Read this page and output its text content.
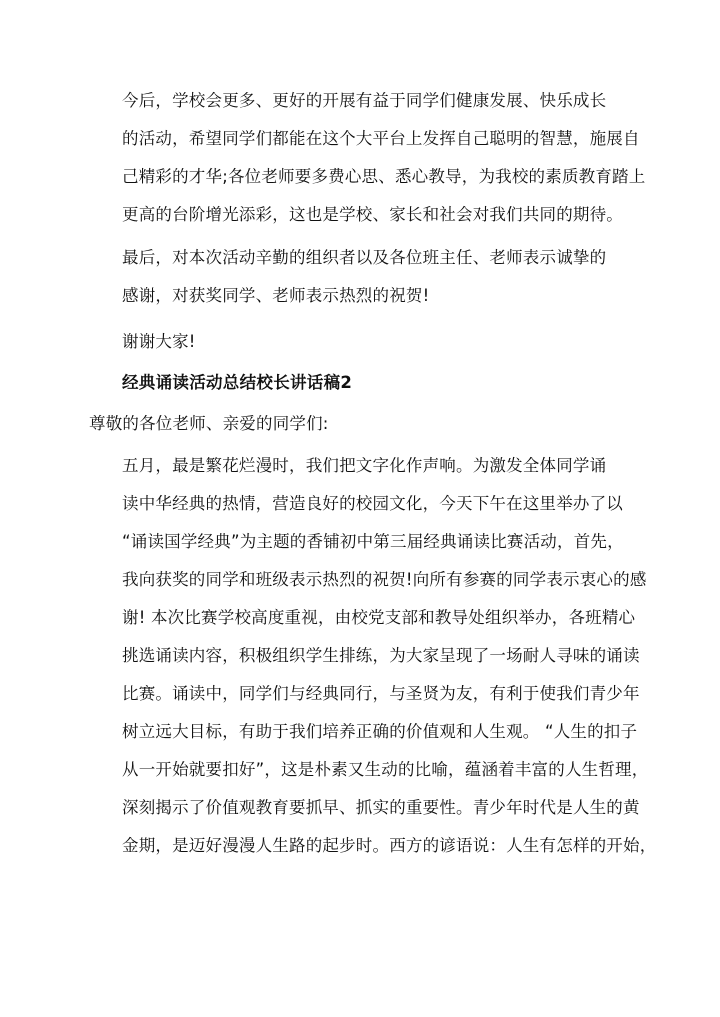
今后，学校会更多、更好的开展有益于同学们健康发展、快乐成长
的活动，希望同学们都能在这个大平台上发挥自己聪明的智慧，施展自
己精彩的才华;各位老师要多费心思、悉心教导，为我校的素质教育踏上
更高的台阶增光添彩，这也是学校、家长和社会对我们共同的期待。
最后，对本次活动辛勤的组织者以及各位班主任、老师表示诚挚的
感谢，对获奖同学、老师表示热烈的祝贺!
谢谢大家!
经典诵读活动总结校长讲话稿2
尊敬的各位老师、亲爱的同学们:
五月，最是繁花烂漫时，我们把文字化作声响。为激发全体同学诵
读中华经典的热情，营造良好的校园文化，今天下午在这里举办了以
“诵读国学经典”为主题的香铺初中第三届经典诵读比赛活动，首先，
我向获奖的同学和班级表示热烈的祝贺!向所有参赛的同学表示衷心的感
谢! 本次比赛学校高度重视，由校党支部和教导处组织举办，各班精心
挑选诵读内容，积极组织学生排练，为大家呈现了一场耐人寻味的诵读
比赛。诵读中，同学们与经典同行，与圣贤为友，有利于使我们青少年
树立远大目标，有助于我们培养正确的价值观和人生观。 “人生的扣子
从一开始就要扣好”，这是朴素又生动的比喻，蕴涵着丰富的人生哲理，
深刻揭示了价值观教育要抓早、抓实的重要性。青少年时代是人生的黄
金期，是迈好漫漫人生路的起步时。西方的谚语说：人生有怎样的开始，
